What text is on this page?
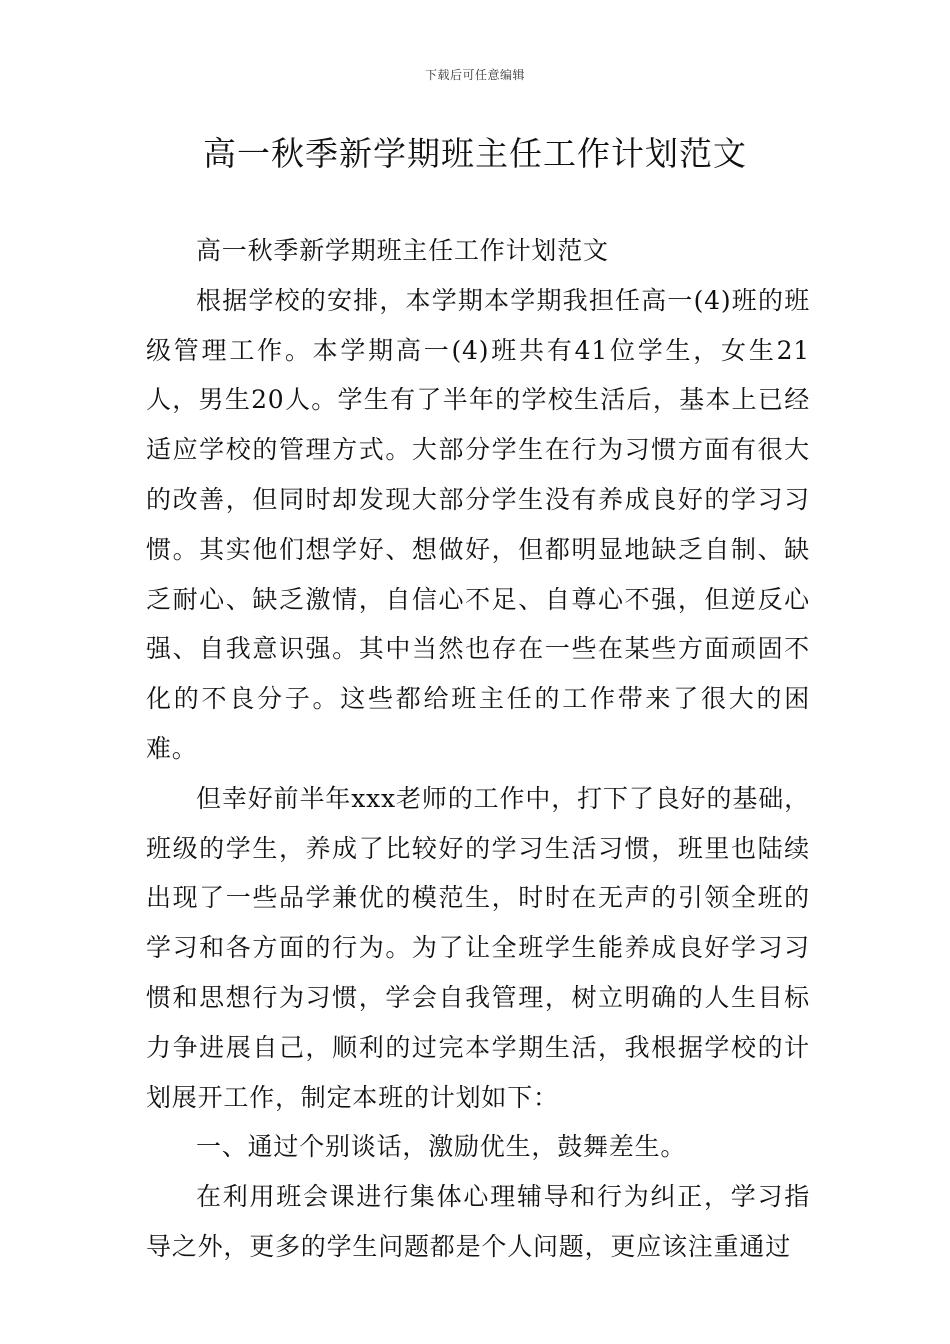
下载后可任意编辑
高一秋季新学期班主任工作计划范文

高一秋季新学期班主任工作计划范文

根据学校的安排，本学期本学期我担任高一(4)班的班级管理工作。本学期高一(4)班共有41位学生，女生21人，男生20人。学生有了半年的学校生活后，基本上已经适应学校的管理方式。大部分学生在行为习惯方面有很大的改善，但同时却发现大部分学生没有养成良好的学习习惯。其实他们想学好、想做好，但都明显地缺乏自制、缺乏耐心、缺乏激情，自信心不足、自尊心不强，但逆反心强、自我意识强。其中当然也存在一些在某些方面顽固不化的不良分子。这些都给班主任的工作带来了很大的困难。

但幸好前半年xxx老师的工作中，打下了良好的基础，班级的学生，养成了比较好的学习生活习惯，班里也陆续出现了一些品学兼优的模范生，时时在无声的引领全班的学习和各方面的行为。为了让全班学生能养成良好学习习惯和思想行为习惯，学会自我管理，树立明确的人生目标力争进展自己，顺利的过完本学期生活，我根据学校的计划展开工作，制定本班的计划如下：

一、通过个别谈话，激励优生，鼓舞差生。

在利用班会课进行集体心理辅导和行为纠正，学习指导之外，更多的学生问题都是个人问题，更应该注重通过
